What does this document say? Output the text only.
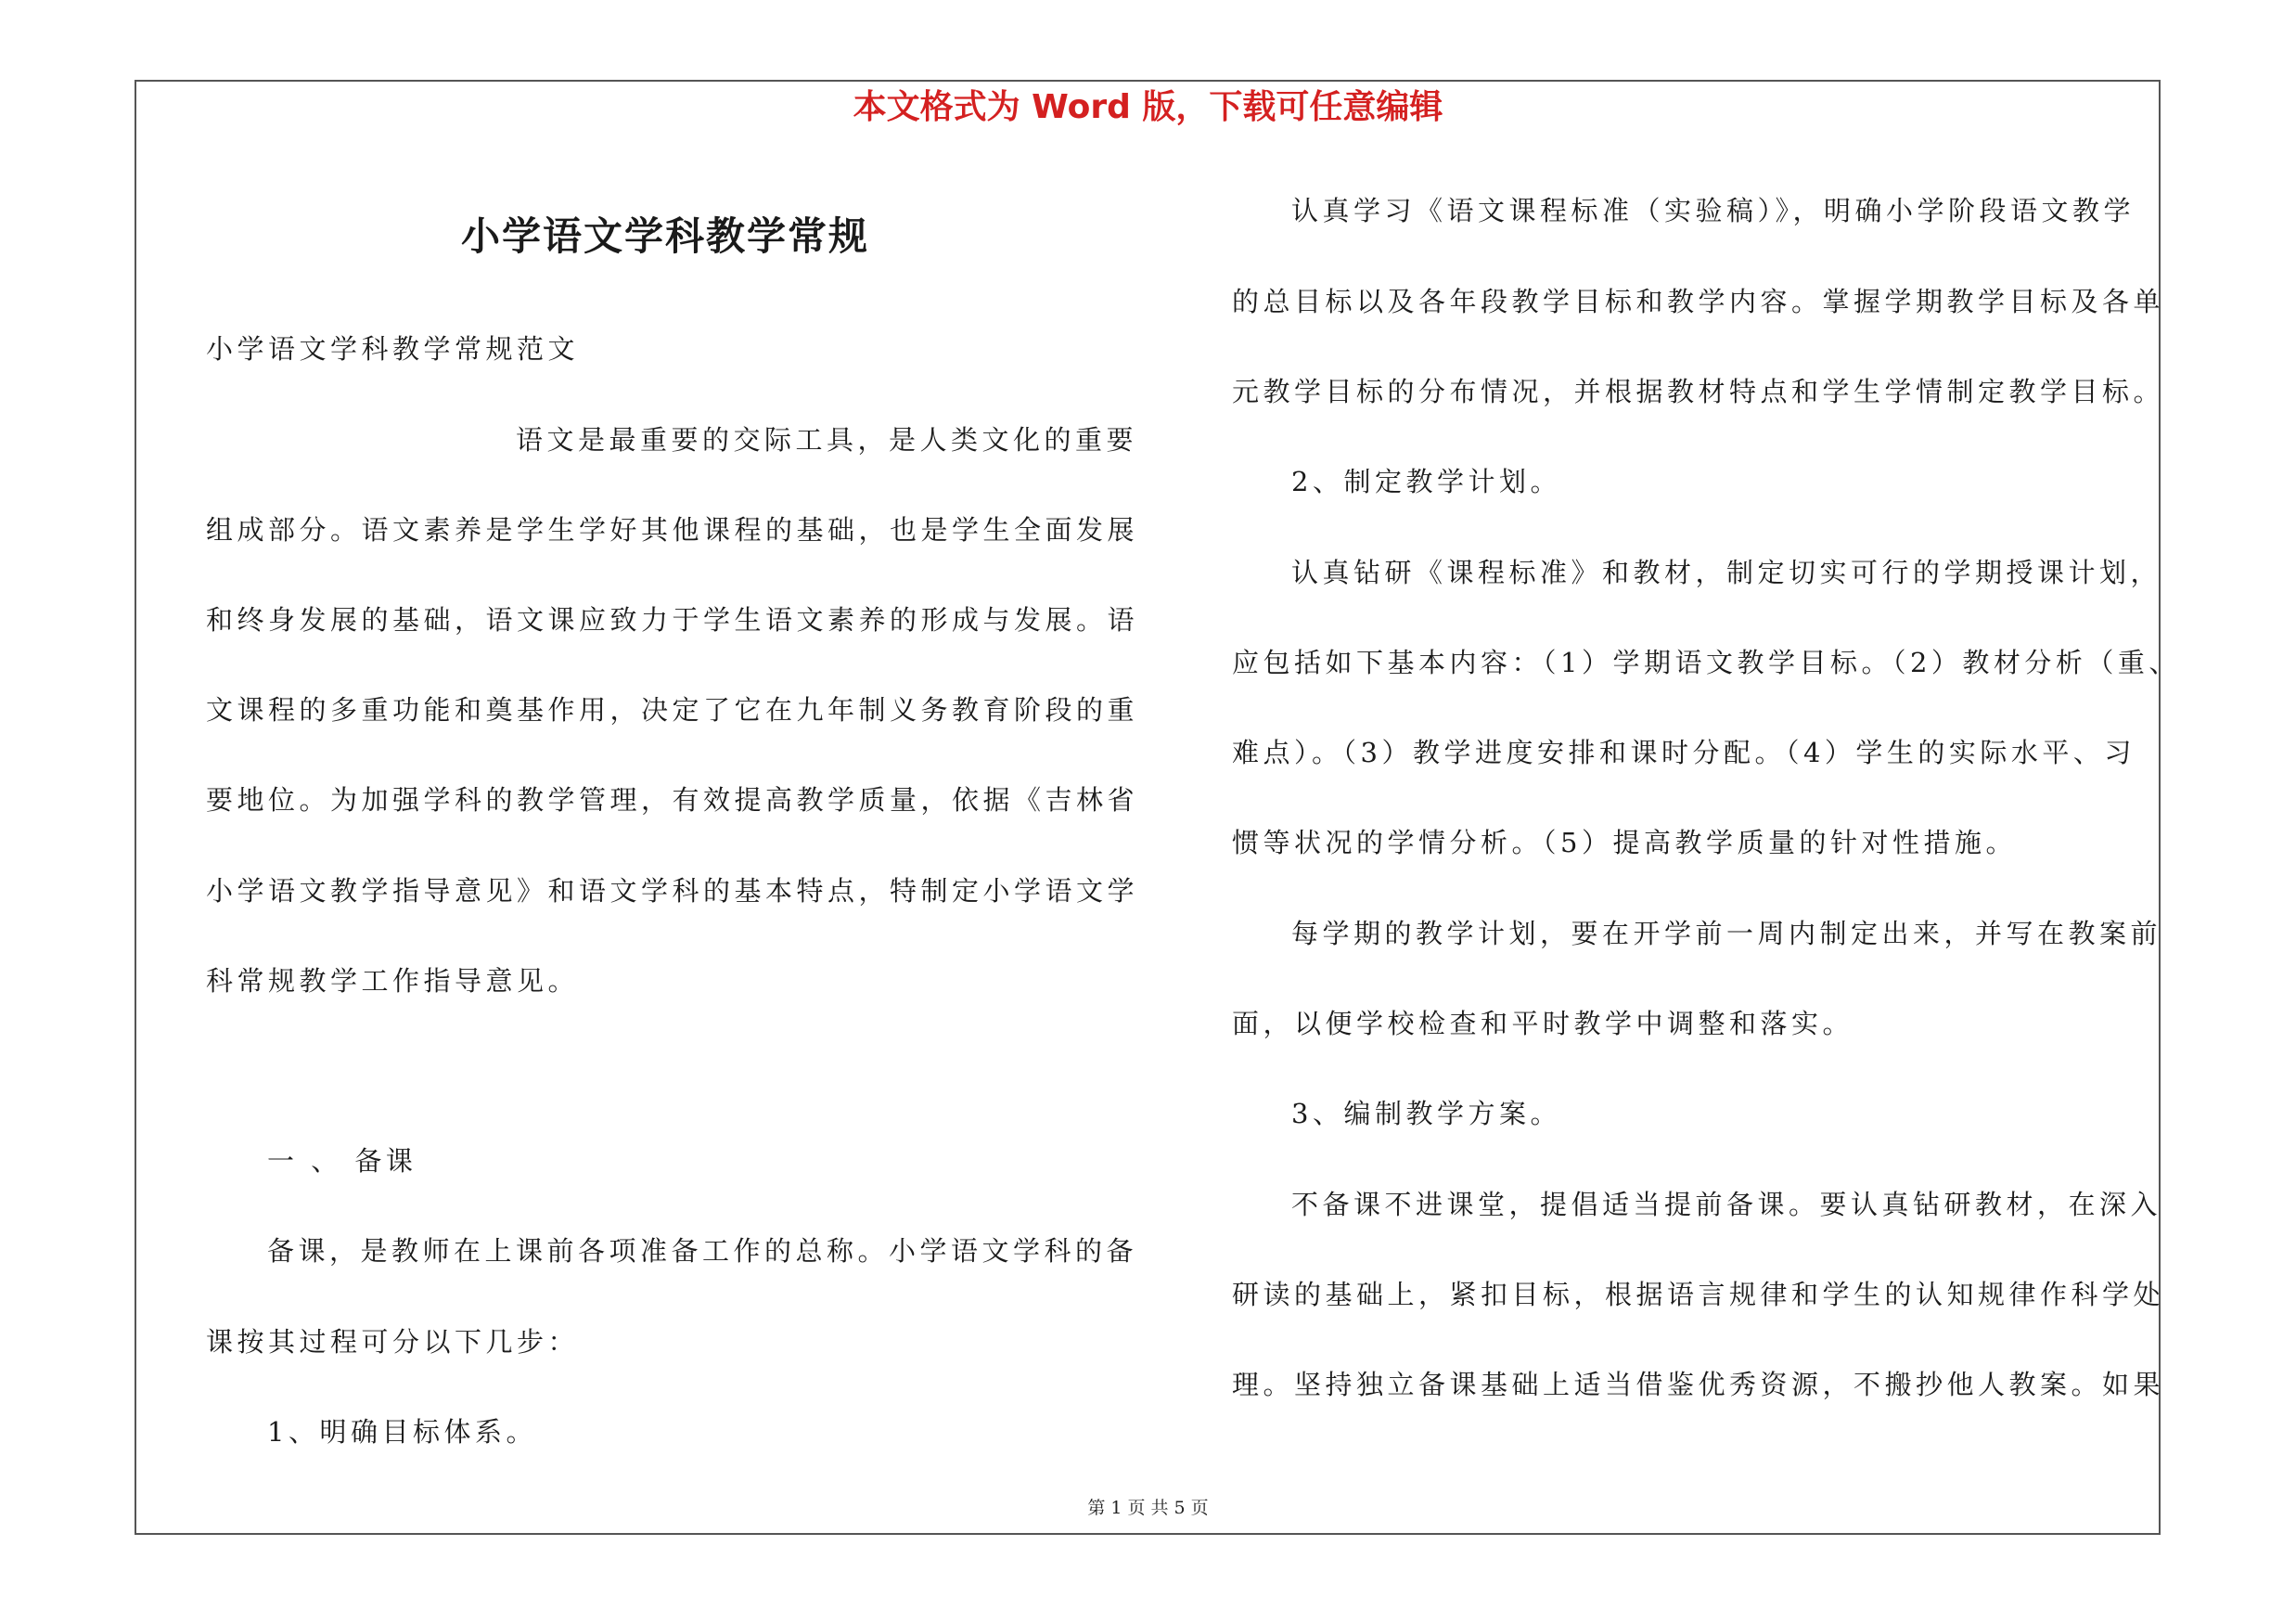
本文格式为 Word 版，下载可任意编辑
小学语文学科教学常规
小学语文学科教学常规范文
语文是最重要的交际工具，是人类文化的重要
组成部分。语文素养是学生学好其他课程的基础，也是学生全面发展
和终身发展的基础，语文课应致力于学生语文素养的形成与发展。语
文课程的多重功能和奠基作用，决定了它在九年制义务教育阶段的重
要地位。为加强学科的教学管理，有效提高教学质量，依据《吉林省
小学语文教学指导意见》和语文学科的基本特点，特制定小学语文学
科常规教学工作指导意见。
一 、 备课
备课，是教师在上课前各项准备工作的总称。小学语文学科的备
课按其过程可分以下几步：
1、明确目标体系。
认真学习《语文课程标准（实验稿）》，明确小学阶段语文教学
的总目标以及各年段教学目标和教学内容。掌握学期教学目标及各单
元教学目标的分布情况，并根据教材特点和学生学情制定教学目标。
2、制定教学计划。
认真钻研《课程标准》和教材，制定切实可行的学期授课计划，
应包括如下基本内容：（1）学期语文教学目标。（2）教材分析（重、
难点）。（3）教学进度安排和课时分配。（4）学生的实际水平、习
惯等状况的学情分析。（5）提高教学质量的针对性措施。
每学期的教学计划，要在开学前一周内制定出来，并写在教案前
面，以便学校检查和平时教学中调整和落实。
3、编制教学方案。
不备课不进课堂，提倡适当提前备课。要认真钻研教材，在深入
研读的基础上，紧扣目标，根据语言规律和学生的认知规律作科学处
理。坚持独立备课基础上适当借鉴优秀资源，不搬抄他人教案。如果
第 1 页 共 5 页
